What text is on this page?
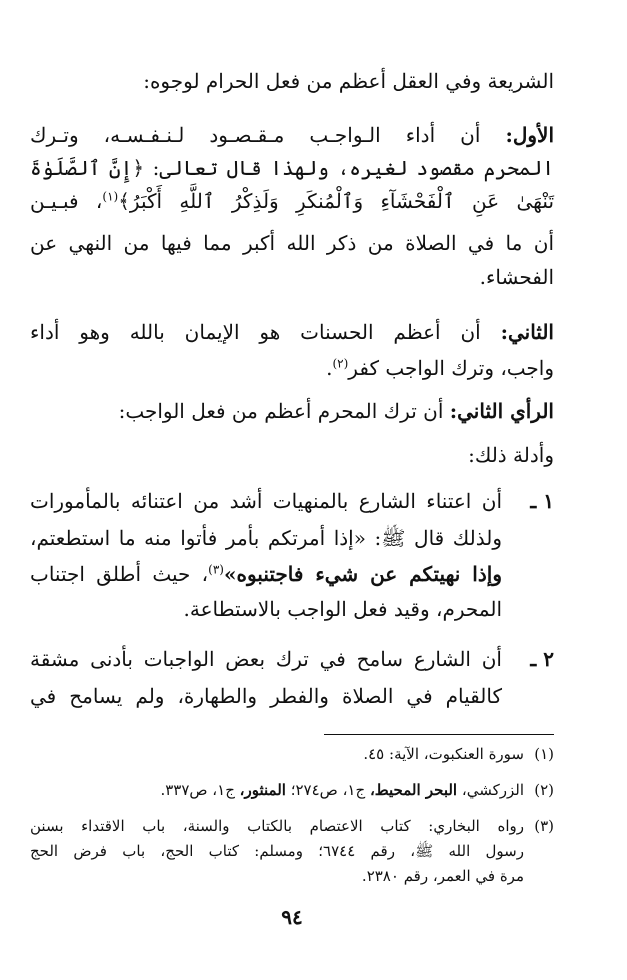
الشريعة وفي العقل أعظم من فعل الحرام لوجوه:
الأول: أن أداء الـواجـب مـقـصـود لـنـفـسـه، وتـرك
المحرم مقصود لغيره، ولهذا قال تعالى: ﴿إِنَّ ٱلصَّلَوٰةَ
تَنْهَىٰ عَنِ ٱلْفَحْشَآءِ وَٱلْمُنكَرِ وَلَذِكْرُ ٱللَّهِ أَكْبَرُ﴾$^{(١)}$، فبـيـن
أن ما في الصلاة من ذكر الله أكبر مما فيها من النهي عن
الفحشاء.
الثاني: أن أعظم الحسنات هو الإيمان بالله وهو أداء
واجب، وترك الواجب كفر$^{(٢)}$.
الرأي الثاني: أن ترك المحرم أعظم من فعل الواجب:
وأدلة ذلك:
١ ـ
أن اعتناء الشارع بالمنهيات أشد من اعتنائه بالمأمورات
ولذلك قال ﷺ: «إذا أمرتكم بأمر فأتوا منه ما استطعتم،
وإذا نهيتكم عن شيء فاجتنبوه»$^{(٣)}$، حيث أطلق اجتناب
المحرم، وقيد فعل الواجب بالاستطاعة.
٢ ـ
أن الشارع سامح في ترك بعض الواجبات بأدنى مشقة
كالقيام في الصلاة والفطر والطهارة، ولم يسامح في
(١)
سورة العنكبوت، الآية: ٤٥.
(٢)
الزركشي، البحر المحيط، ج١، ص٢٧٤؛ المنثور، ج١، ص٣٣٧.
(٣)
رواه البخاري: كتاب الاعتصام بالكتاب والسنة، باب الاقتداء بسنن
رسول الله ﷺ، رقم ٦٧٤٤؛ ومسلم: كتاب الحج، باب فرض الحج
مرة في العمر، رقم ٢٣٨٠.
٩٤
